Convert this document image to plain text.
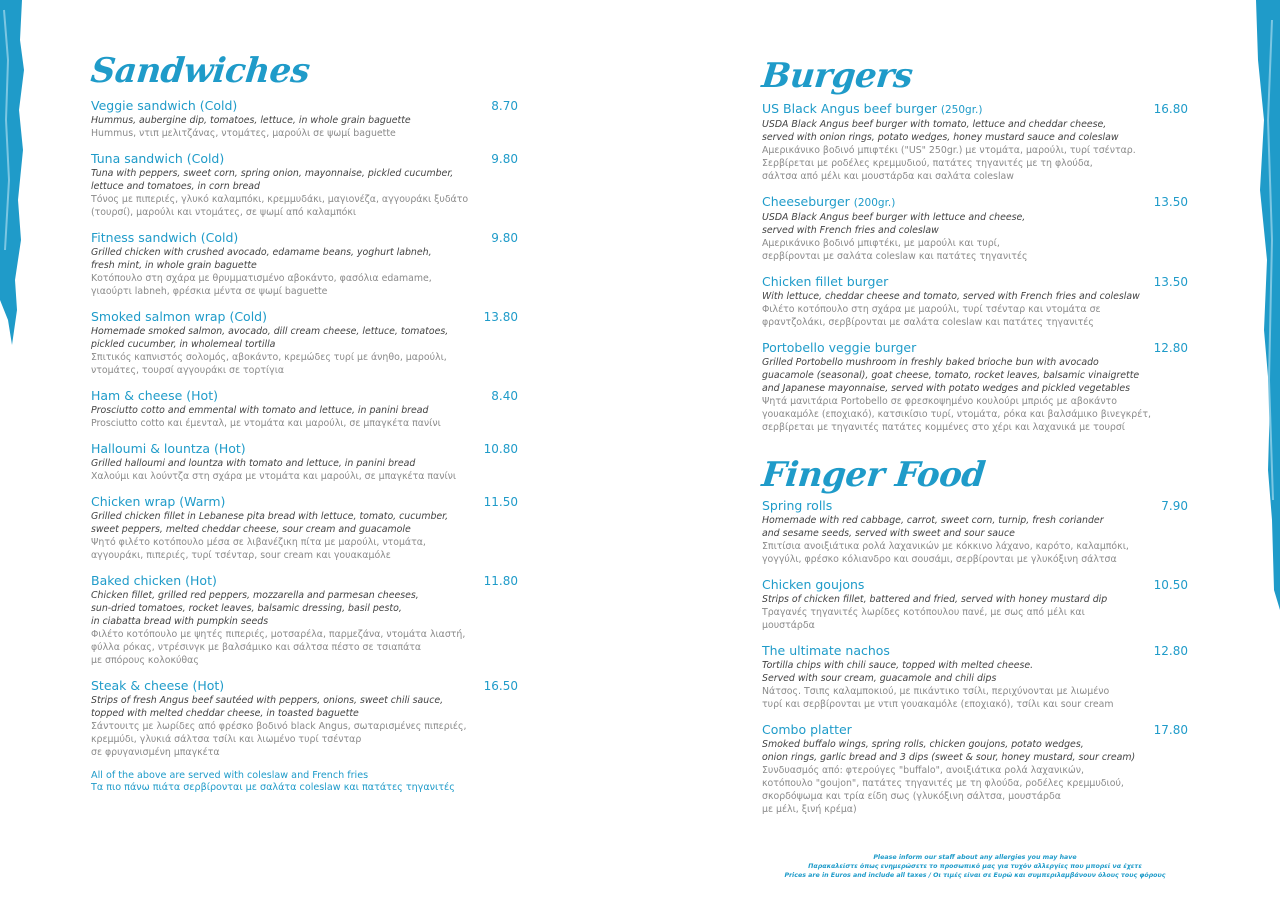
Sandwiches
Veggie sandwich (Cold)	8.70
Hummus, aubergine dip, tomatoes, lettuce, in whole grain baguette
Hummus, ντιπ μελιτζάνας, ντομάτες, μαρούλι σε ψωμί baguette
Tuna sandwich (Cold)	9.80
Tuna with peppers, sweet corn, spring onion, mayonnaise, pickled cucumber,
lettuce and tomatoes, in corn bread
Τόνος με πιπεριές, γλυκό καλαμπόκι, κρεμμυδάκι, μαγιονέζα, αγγουράκι ξυδάτο
(τουρσί), μαρούλι και ντομάτες, σε ψωμί από καλαμπόκι
Fitness sandwich (Cold)	9.80
Grilled chicken with crushed avocado, edamame beans, yoghurt labneh,
fresh mint, in whole grain baguette
Κοτόπουλο στη σχάρα με θρυμματισμένο αβοκάντο, φασόλια edamame,
γιαούρτι labneh, φρέσκια μέντα σε ψωμί baguette
Smoked salmon wrap (Cold)	13.80
Homemade smoked salmon, avocado, dill cream cheese, lettuce, tomatoes,
pickled cucumber, in wholemeal tortilla
Σπιτικός καπνιστός σολομός, αβοκάντο, κρεμώδες τυρί με άνηθο, μαρούλι,
ντομάτες, τουρσί αγγουράκι σε τορτίγια
Ham & cheese (Hot)	8.40
Prosciutto cotto and emmental with tomato and lettuce, in panini bread
Prosciutto cotto και έμενταλ, με ντομάτα και μαρούλι, σε μπαγκέτα πανίνι
Halloumi & lountza (Hot)	10.80
Grilled halloumi and lountza with tomato and lettuce, in panini bread
Χαλούμι και λούντζα στη σχάρα με ντομάτα και μαρούλι, σε μπαγκέτα πανίνι
Chicken wrap (Warm)	11.50
Grilled chicken fillet in Lebanese pita bread with lettuce, tomato, cucumber,
sweet peppers, melted cheddar cheese, sour cream and guacamole
Ψητό φιλέτο κοτόπουλο μέσα σε λιβανέζικη πίτα με μαρούλι, ντομάτα,
αγγουράκι, πιπεριές, τυρί τσένταρ, sour cream και γουακαμόλε
Baked chicken (Hot)	11.80
Chicken fillet, grilled red peppers, mozzarella and parmesan cheeses,
sun-dried tomatoes, rocket leaves, balsamic dressing, basil pesto,
in ciabatta bread with pumpkin seeds
Φιλέτο κοτόπουλο με ψητές πιπεριές, μοτσαρέλα, παρμεζάνα, ντομάτα λιαστή,
φύλλα ρόκας, ντρέσινγκ με βαλσάμικο και σάλτσα πέστο σε τσιαπάτα
με σπόρους κολοκύθας
Steak & cheese (Hot)	16.50
Strips of fresh Angus beef sautéed with peppers, onions, sweet chili sauce,
topped with melted cheddar cheese, in toasted baguette
Σάντουιτς με λωρίδες από φρέσκο βοδινό black Angus, σωταρισμένες πιπεριές,
κρεμμύδι, γλυκιά σάλτσα τσίλι και λιωμένο τυρί τσένταρ
σε φρυγανισμένη μπαγκέτα
All of the above are served with coleslaw and French fries
Τα πιο πάνω πιάτα σερβίρονται με σαλάτα coleslaw και πατάτες τηγανιτές
Burgers
US Black Angus beef burger (250gr.)	16.80
USDA Black Angus beef burger with tomato, lettuce and cheddar cheese,
served with onion rings, potato wedges, honey mustard sauce and coleslaw
Αμερικάνικο βοδινό μπιφτέκι ("US" 250gr.) με ντομάτα, μαρούλι, τυρί τσένταρ.
Σερβίρεται με ροδέλες κρεμμυδιού, πατάτες τηγανιτές με τη φλούδα,
σάλτσα από μέλι και μουστάρδα και σαλάτα coleslaw
Cheeseburger (200gr.)	13.50
USDA Black Angus beef burger with lettuce and cheese,
served with French fries and coleslaw
Αμερικάνικο βοδινό μπιφτέκι, με μαρούλι και τυρί,
σερβίρονται με σαλάτα coleslaw και πατάτες τηγανιτές
Chicken fillet burger	13.50
With lettuce, cheddar cheese and tomato, served with French fries and coleslaw
Φιλέτο κοτόπουλο στη σχάρα με μαρούλι, τυρί τσένταρ και ντομάτα σε
φραντζολάκι, σερβίρονται με σαλάτα coleslaw και πατάτες τηγανιτές
Portobello veggie burger	12.80
Grilled Portobello mushroom in freshly baked brioche bun with avocado
guacamole (seasonal), goat cheese, tomato, rocket leaves, balsamic vinaigrette
and Japanese mayonnaise, served with potato wedges and pickled vegetables
Ψητά μανιτάρια Portobello σε φρεσκοψημένο κουλούρι μπριός με αβοκάντο
γουακαμόλε (εποχιακό), κατσικίσιο τυρί, ντομάτα, ρόκα και βαλσάμικο βινεγκρέτ,
σερβίρεται με τηγανιτές πατάτες κομμένες στο χέρι και λαχανικά με τουρσί
Finger Food
Spring rolls	7.90
Homemade with red cabbage, carrot, sweet corn, turnip, fresh coriander
and sesame seeds, served with sweet and sour sauce
Σπιτίσια ανοιξιάτικα ρολά λαχανικών με κόκκινο λάχανο, καρότο, καλαμπόκι,
γογγύλι, φρέσκο κόλιανδρο και σουσάμι, σερβίρονται με γλυκόξινη σάλτσα
Chicken goujons	10.50
Strips of chicken fillet, battered and fried, served with honey mustard dip
Τραγανές τηγανιτές λωρίδες κοτόπουλου πανέ, με σως από μέλι και
μουστάρδα
The ultimate nachos	12.80
Tortilla chips with chili sauce, topped with melted cheese.
Served with sour cream, guacamole and chili dips
Νάτσος. Τσιπς καλαμποκιού, με πικάντικο τσίλι, περιχύνονται με λιωμένο
τυρί και σερβίρονται με ντιπ γουακαμόλε (εποχιακό), τσίλι και sour cream
Combo platter	17.80
Smoked buffalo wings, spring rolls, chicken goujons, potato wedges,
onion rings, garlic bread and 3 dips (sweet & sour, honey mustard, sour cream)
Συνδυασμός από: φτερούγες "buffalo", ανοιξιάτικα ρολά λαχανικών,
κοτόπουλο "goujon", πατάτες τηγανιτές με τη φλούδα, ροδέλες κρεμμυδιού,
σκορδόψωμα και τρία είδη σως (γλυκόξινη σάλτσα, μουστάρδα
με μέλι, ξινή κρέμα)
Please inform our staff about any allergies you may have
Παρακαλείστε όπως ενημερώσετε το προσωπικό μας για τυχόν αλλεργίες που μπορεί να έχετε
Prices are in Euros and include all taxes / Οι τιμές είναι σε Ευρώ και συμπεριλαμβάνουν όλους τους φόρους
